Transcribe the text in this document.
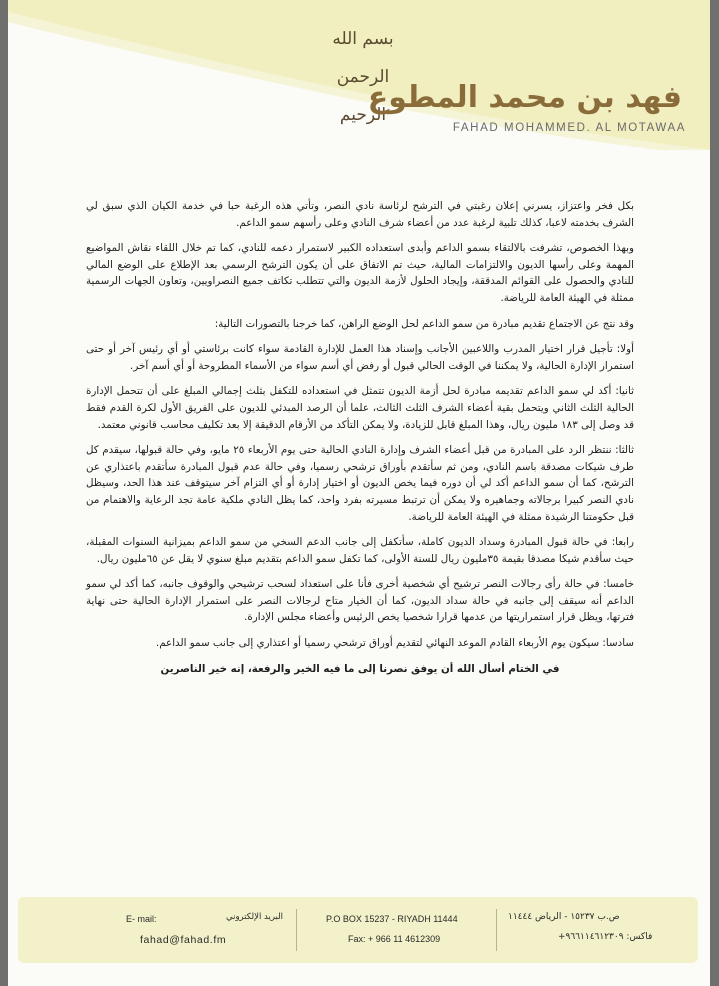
بسم الله الرحمن الرحيم
فهد بن محمد المطوع
FAHAD MOHAMMED. AL MOTAWAA

بكل فخر واعتزاز، يسرني إعلان رغبتي في الترشح لرئاسة نادي النصر، وتأتي هذه الرغبة حبا في خدمة الكيان الذي سبق لي الشرف بخدمته لاعبا، كذلك تلبية لرغبة عدد من أعضاء شرف النادي وعلى رأسهم سمو الداعم.

وبهذا الخصوص، تشرفت بالالتقاء بسمو الداعم وأبدى استعداده الكبير لاستمرار دعمه للنادي، كما تم خلال اللقاء نقاش المواضيع المهمة وعلى رأسها الديون والالتزامات المالية، حيث تم الاتفاق على أن يكون الترشح الرسمي بعد الإطلاع على الوضع المالي للنادي والحصول على القوائم المدققة، وإيجاد الحلول لأزمة الديون والتي تتطلب تكاتف جميع النصراويين، وتعاون الجهات الرسمية ممثلة في الهيئة العامة للرياضة.

وقد نتج عن الاجتماع تقديم مبادرة من سمو الداعم لحل الوضع الراهن، كما خرجنا بالتصورات التالية:

أولا: تأجيل قرار اختيار المدرب واللاعبين الأجانب وإسناد هذا العمل للإدارة القادمة سواء كانت برئاستي أو أي رئيس آخر أو حتى استمرار الإدارة الحالية، ولا يمكننا في الوقت الحالي قبول أو رفض أي أسم سواء من الأسماء المطروحة أو أي أسم آخر.

ثانيا: أكد لي سمو الداعم تقديمه مبادرة لحل أزمة الديون تتمثل في استعداده للتكفل بثلث إجمالي المبلغ على أن تتحمل الإدارة الحالية الثلث الثاني ويتحمل بقية أعضاء الشرف الثلث الثالث، علما أن الرصد المبدئي للديون على الفريق الأول لكرة القدم فقط قد وصل إلى ١٨٣ مليون ريال، وهذا المبلغ قابل للزيادة، ولا يمكن التأكد من الأرقام الدقيقة إلا بعد تكليف محاسب قانوني معتمد.

ثالثا: ننتظر الرد على المبادرة من قبل أعضاء الشرف وإدارة النادي الحالية حتى يوم الأربعاء ٢٥ مايو، وفي حالة قبولها، سيقدم كل طرف شيكات مصدقة باسم النادي، ومن ثم سأتقدم بأوراق ترشحي رسميا، وفي حالة عدم قبول المبادرة سأتقدم باعتذاري عن الترشح، كما أن سمو الداعم أكد لي أن دوره فيما يخص الديون أو اختيار إدارة أو أي التزام آخر سيتوقف عند هذا الحد، وسيظل نادي النصر كبيرا برجالاته وجماهيره ولا يمكن أن ترتبط مسيرته بفرد واحد، كما يظل النادي ملكية عامة تجد الرعاية والاهتمام من قبل حكومتنا الرشيدة ممثلة في الهيئة العامة للرياضة.

رابعا: في حالة قبول المبادرة وسداد الديون كاملة، سأتكفل إلى جانب الدعم السخي من سمو الداعم بميزانية السنوات المقبلة، حيث سأقدم شيكا مصدقا بقيمة ٣٥مليون ريال للسنة الأولى، كما تكفل سمو الداعم بتقديم مبلغ سنوي لا يقل عن ٦٥مليون ريال.

خامسا: في حالة رأى رجالات النصر ترشيح أي شخصية أخرى فأنا على استعداد لسحب ترشيحي والوقوف جانبه، كما أكد لي سمو الداعم أنه سيقف إلى جانبه في حالة سداد الديون، كما أن الخيار متاح لرجالات النصر على استمرار الإدارة الحالية حتى نهاية فترتها، ويظل قرار استمراريتها من عدمها قرارا شخصيا يخص الرئيس وأعضاء مجلس الإدارة.

سادسا: سيكون يوم الأربعاء القادم الموعد النهائي لتقديم أوراق ترشحي رسميا أو اعتذاري إلى جانب سمو الداعم.

في الختام أسأل الله أن يوفق نصرنا إلى ما فيه الخير والرفعة، إنه خير الناصرين

E- mail:	البريد الإلكتروني
fahad@fahad.fm
P.O BOX 15237 - RIYADH 11444
Fax: + 966 11 4612309
ص.ب ١٥٢٣٧ - الرياض ١١٤٤٤
فاكس: ٩٦٦١١٤٦١٢٣٠٩+
